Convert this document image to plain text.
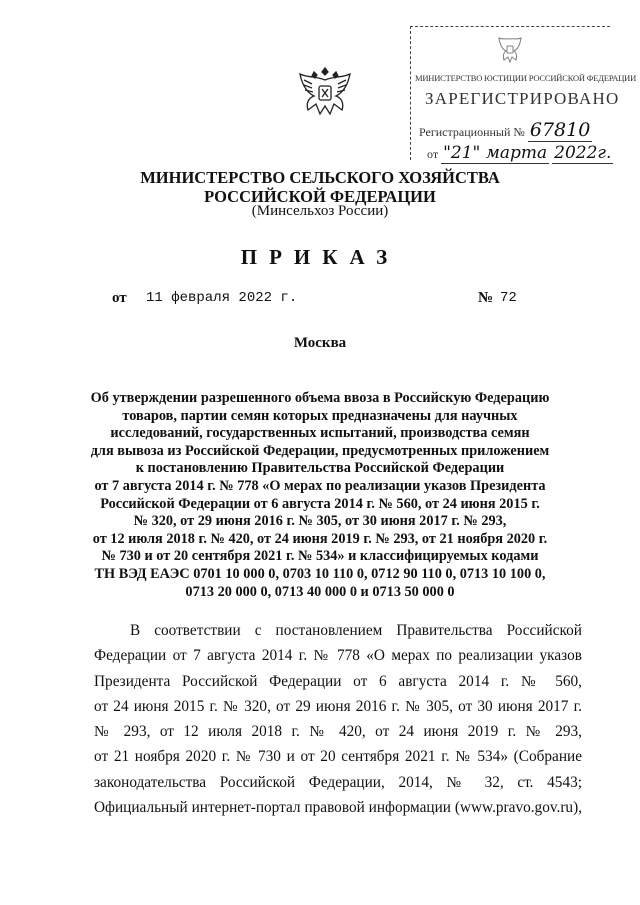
МИНИСТЕРСТВО ЮСТИЦИИ РОССИЙСКОЙ ФЕДЕРАЦИИ
ЗАРЕГИСТРИРОВАНО
Регистрационный № 67810
от "21" марта 2022г.
МИНИСТЕРСТВО СЕЛЬСКОГО ХОЗЯЙСТВА
РОССИЙСКОЙ ФЕДЕРАЦИИ
(Минсельхоз России)
ПРИКАЗ
от 11 февраля 2022 г.	№ 72
Москва
Об утверждении разрешенного объема ввоза в Российскую Федерацию
товаров, партии семян которых предназначены для научных
исследований, государственных испытаний, производства семян
для вывоза из Российской Федерации, предусмотренных приложением
к постановлению Правительства Российской Федерации
от 7 августа 2014 г. № 778 «О мерах по реализации указов Президента
Российской Федерации от 6 августа 2014 г. № 560, от 24 июня 2015 г.
№ 320, от 29 июня 2016 г. № 305, от 30 июня 2017 г. № 293,
от 12 июля 2018 г. № 420, от 24 июня 2019 г. № 293, от 21 ноября 2020 г.
№ 730 и от 20 сентября 2021 г. № 534» и классифицируемых кодами
ТН ВЭД ЕАЭС 0701 10 000 0, 0703 10 110 0, 0712 90 110 0, 0713 10 100 0,
0713 20 000 0, 0713 40 000 0 и 0713 50 000 0
В соответствии с постановлением Правительства Российской
Федерации от 7 августа 2014 г. № 778 «О мерах по реализации указов
Президента Российской Федерации от 6 августа 2014 г. № 560,
от 24 июня 2015 г. № 320, от 29 июня 2016 г. № 305, от 30 июня 2017 г.
№ 293, от 12 июля 2018 г. № 420, от 24 июня 2019 г. № 293,
от 21 ноября 2020 г. № 730 и от 20 сентября 2021 г. № 534» (Собрание
законодательства Российской Федерации, 2014, № 32, ст. 4543;
Официальный интернет-портал правовой информации (www.pravo.gov.ru),
